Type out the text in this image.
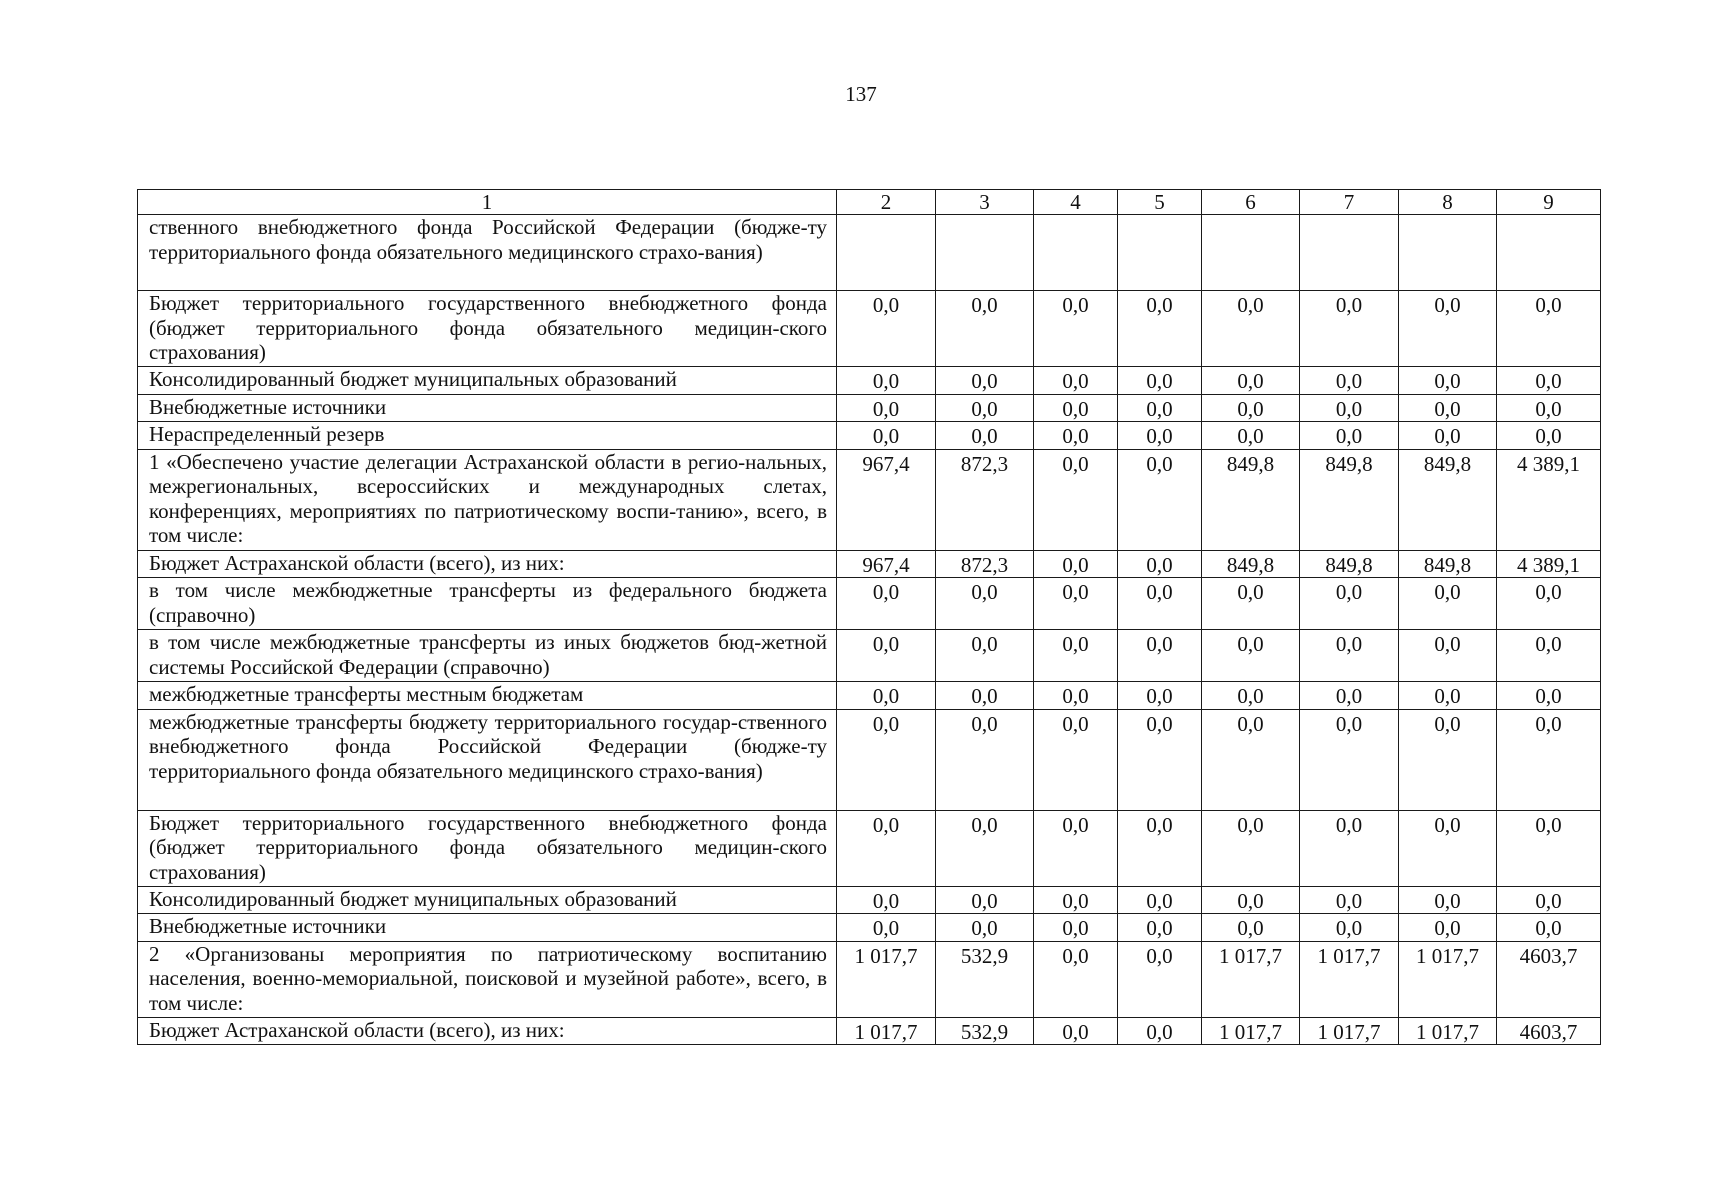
137
1	2	3	4	5	6	7	8	9
ственного внебюджетного фонда Российской Федерации (бюдже-ту территориального фонда обязательного медицинского страхо-вания)								
Бюджет территориального государственного внебюджетного фонда (бюджет территориального фонда обязательного медицин-ского страхования)	0,0	0,0	0,0	0,0	0,0	0,0	0,0	0,0
Консолидированный бюджет муниципальных образований	0,0	0,0	0,0	0,0	0,0	0,0	0,0	0,0
Внебюджетные источники	0,0	0,0	0,0	0,0	0,0	0,0	0,0	0,0
Нераспределенный резерв	0,0	0,0	0,0	0,0	0,0	0,0	0,0	0,0
1 «Обеспечено участие делегации Астраханской области в регио-нальных, межрегиональных, всероссийских и международных слетах, конференциях, мероприятиях по патриотическому воспи-танию», всего, в том числе:	967,4	872,3	0,0	0,0	849,8	849,8	849,8	4 389,1
Бюджет Астраханской области (всего), из них:	967,4	872,3	0,0	0,0	849,8	849,8	849,8	4 389,1
в том числе межбюджетные трансферты из федерального бюджета (справочно)	0,0	0,0	0,0	0,0	0,0	0,0	0,0	0,0
в том числе межбюджетные трансферты из иных бюджетов бюд-жетной системы Российской Федерации (справочно)	0,0	0,0	0,0	0,0	0,0	0,0	0,0	0,0
межбюджетные трансферты местным бюджетам	0,0	0,0	0,0	0,0	0,0	0,0	0,0	0,0
межбюджетные трансферты бюджету территориального государ-ственного внебюджетного фонда Российской Федерации (бюдже-ту территориального фонда обязательного медицинского страхо-вания)	0,0	0,0	0,0	0,0	0,0	0,0	0,0	0,0
Бюджет территориального государственного внебюджетного фонда (бюджет территориального фонда обязательного медицин-ского страхования)	0,0	0,0	0,0	0,0	0,0	0,0	0,0	0,0
Консолидированный бюджет муниципальных образований	0,0	0,0	0,0	0,0	0,0	0,0	0,0	0,0
Внебюджетные источники	0,0	0,0	0,0	0,0	0,0	0,0	0,0	0,0
2 «Организованы мероприятия по патриотическому воспитанию населения, военно-мемориальной, поисковой и музейной работе», всего, в том числе:	1 017,7	532,9	0,0	0,0	1 017,7	1 017,7	1 017,7	4603,7
Бюджет Астраханской области (всего), из них:	1 017,7	532,9	0,0	0,0	1 017,7	1 017,7	1 017,7	4603,7
